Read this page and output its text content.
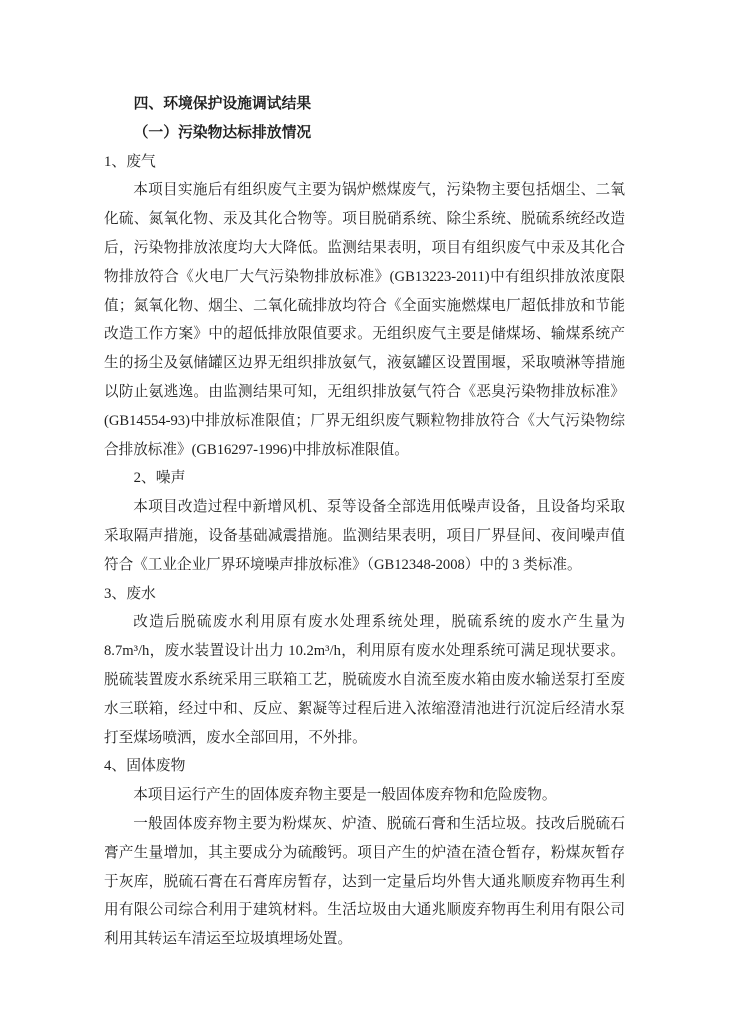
四、环境保护设施调试结果
（一）污染物达标排放情况
1、废气
本项目实施后有组织废气主要为锅炉燃煤废气，污染物主要包括烟尘、二氧
化硫、氮氧化物、汞及其化合物等。项目脱硝系统、除尘系统、脱硫系统经改造
后，污染物排放浓度均大大降低。监测结果表明，项目有组织废气中汞及其化合
物排放符合《火电厂大气污染物排放标准》(GB13223-2011)中有组织排放浓度限
值；氮氧化物、烟尘、二氧化硫排放均符合《全面实施燃煤电厂超低排放和节能
改造工作方案》中的超低排放限值要求。无组织废气主要是储煤场、输煤系统产
生的扬尘及氨储罐区边界无组织排放氨气，液氨罐区设置围堰，采取喷淋等措施
以防止氨逃逸。由监测结果可知，无组织排放氨气符合《恶臭污染物排放标准》
(GB14554-93)中排放标准限值；厂界无组织废气颗粒物排放符合《大气污染物综
合排放标准》(GB16297-1996)中排放标准限值。
2、噪声
本项目改造过程中新增风机、泵等设备全部选用低噪声设备，且设备均采取
采取隔声措施，设备基础减震措施。监测结果表明，项目厂界昼间、夜间噪声值
符合《工业企业厂界环境噪声排放标准》（GB12348-2008）中的 3 类标准。
3、废水
改造后脱硫废水利用原有废水处理系统处理，脱硫系统的废水产生量为
8.7m³/h，废水装置设计出力 10.2m³/h，利用原有废水处理系统可满足现状要求。
脱硫装置废水系统采用三联箱工艺，脱硫废水自流至废水箱由废水输送泵打至废
水三联箱，经过中和、反应、絮凝等过程后进入浓缩澄清池进行沉淀后经清水泵
打至煤场喷洒，废水全部回用，不外排。
4、固体废物
本项目运行产生的固体废弃物主要是一般固体废弃物和危险废物。
一般固体废弃物主要为粉煤灰、炉渣、脱硫石膏和生活垃圾。技改后脱硫石
膏产生量增加，其主要成分为硫酸钙。项目产生的炉渣在渣仓暂存，粉煤灰暂存
于灰库，脱硫石膏在石膏库房暂存，达到一定量后均外售大通兆顺废弃物再生利
用有限公司综合利用于建筑材料。生活垃圾由大通兆顺废弃物再生利用有限公司
利用其转运车清运至垃圾填埋场处置。
